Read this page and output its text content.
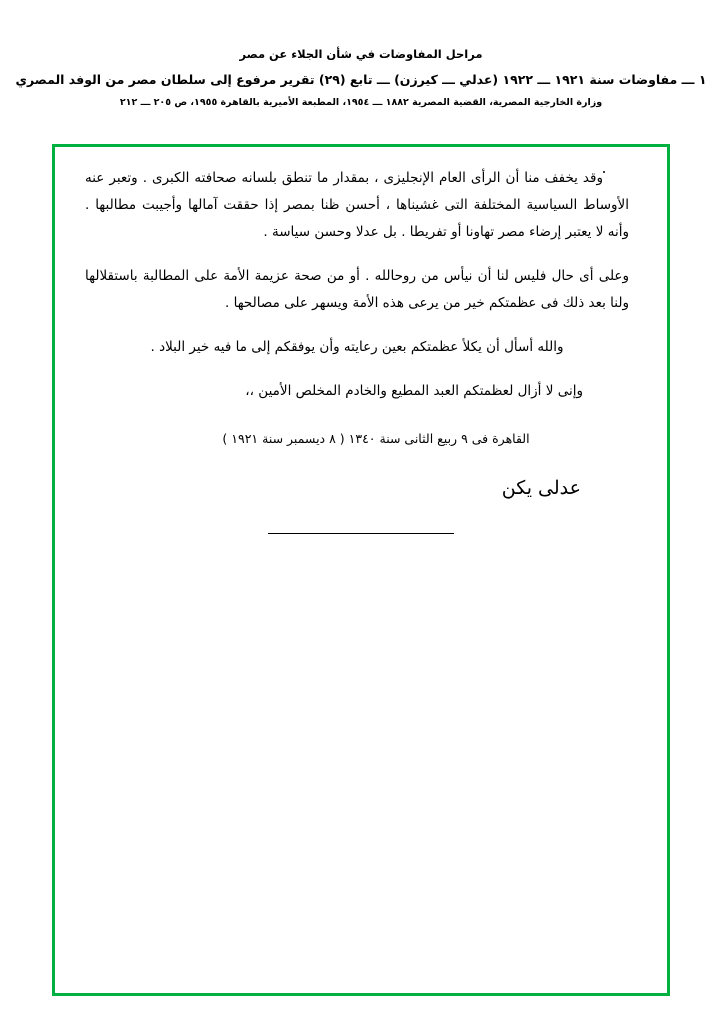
مراحل المفاوضات في شأن الجلاء عن مصر
١ ـــ مفاوضات سنة ١٩٢١ ـــ ١٩٢٢ (عدلي ـــ كيرزن) ـــ تابع (٢٩) تقرير مرفوع إلى سلطان مصر من الوفد المصري
وزارة الخارجية المصرية، القضية المصرية ١٨٨٢ ـــ ١٩٥٤، المطبعة الأميرية بالقاهرة ١٩٥٥، ص ٢٠٥ ـــ ٢١٢

وقد يخفف منا أن الرأى العام الإنجليزى ، بمقدار ما تنطق بلسانه صحافته الكبرى . وتعبر عنه الأوساط السياسية المختلفة التى غشيناها ، أحسن ظنا بمصر إذا حققت آمالها وأجيبت مطالبها . وأنه لا يعتبر إرضاء مصر تهاونا أو تفريطا . بل عدلا وحسن سياسة .

وعلى أى حال فليس لنا أن نيأس من روحالله . أو من صحة عزيمة الأمة على المطالبة باستقلالها ولنا بعد ذلك فى عظمتكم خير من يرعى هذه الأمة ويسهر على مصالحها .

والله أسأل أن يكلأ عظمتكم بعين رعايته وأن يوفقكم إلى ما فيه خير البلاد .

وإنى لا أزال لعظمتكم العبد المطيع والخادم المخلص الأمين ،،

القاهرة فى ٩ ربيع الثانى سنة ١٣٤٠ ( ٨ ديسمبر سنة ١٩٢١ )

عدلى يكن
